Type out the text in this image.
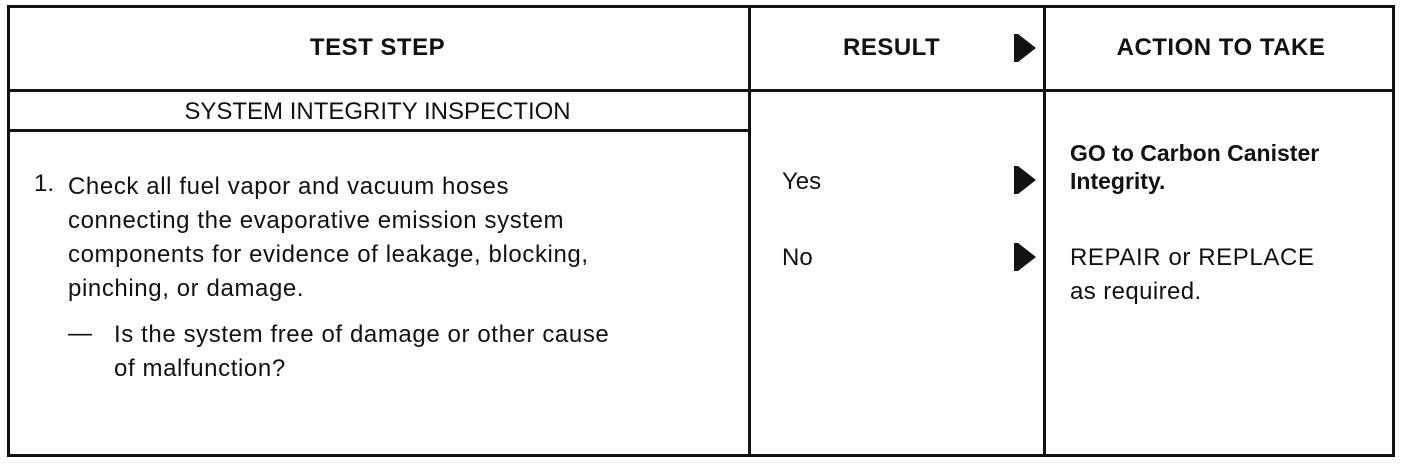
TEST STEP	RESULT	ACTION TO TAKE
SYSTEM INTEGRITY INSPECTION
1. Check all fuel vapor and vacuum hoses
connecting the evaporative emission system
components for evidence of leakage, blocking,
pinching, or damage.
— Is the system free of damage or other cause
of malfunction?
Yes
No
GO to Carbon Canister
Integrity.
REPAIR or REPLACE
as required.
